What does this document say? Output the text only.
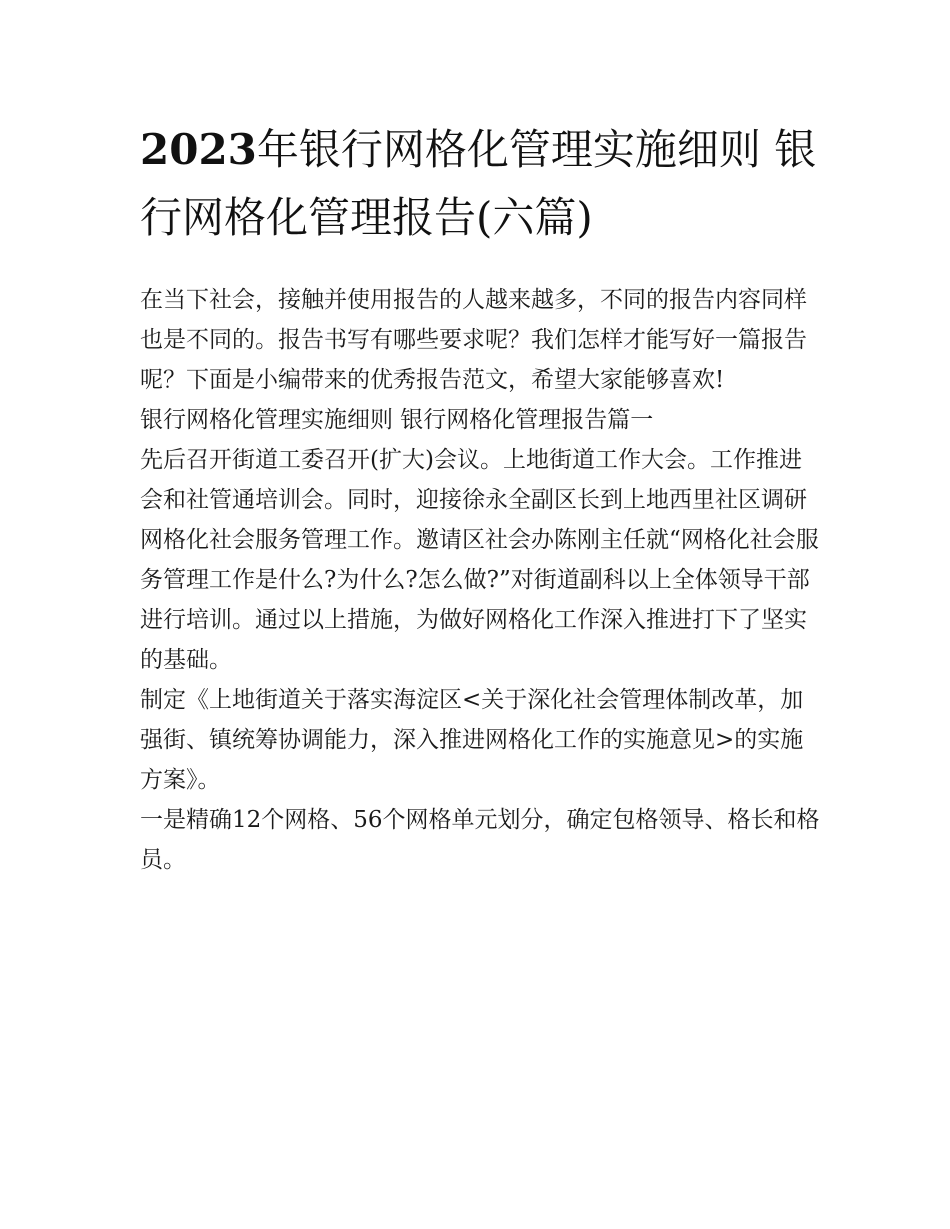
2023年银行网格化管理实施细则 银行网格化管理报告(六篇)

在当下社会，接触并使用报告的人越来越多，不同的报告内容同样也是不同的。报告书写有哪些要求呢？我们怎样才能写好一篇报告呢？下面是小编带来的优秀报告范文，希望大家能够喜欢!

银行网格化管理实施细则 银行网格化管理报告篇一

先后召开街道工委召开(扩大)会议。上地街道工作大会。工作推进会和社管通培训会。同时，迎接徐永全副区长到上地西里社区调研网格化社会服务管理工作。邀请区社会办陈刚主任就“网格化社会服务管理工作是什么?为什么?怎么做?”对街道副科以上全体领导干部进行培训。通过以上措施，为做好网格化工作深入推进打下了坚实的基础。

制定《上地街道关于落实海淀区<关于深化社会管理体制改革，加强街、镇统筹协调能力，深入推进网格化工作的实施意见>的实施方案》。

一是精确12个网格、56个网格单元划分，确定包格领导、格长和格员。
